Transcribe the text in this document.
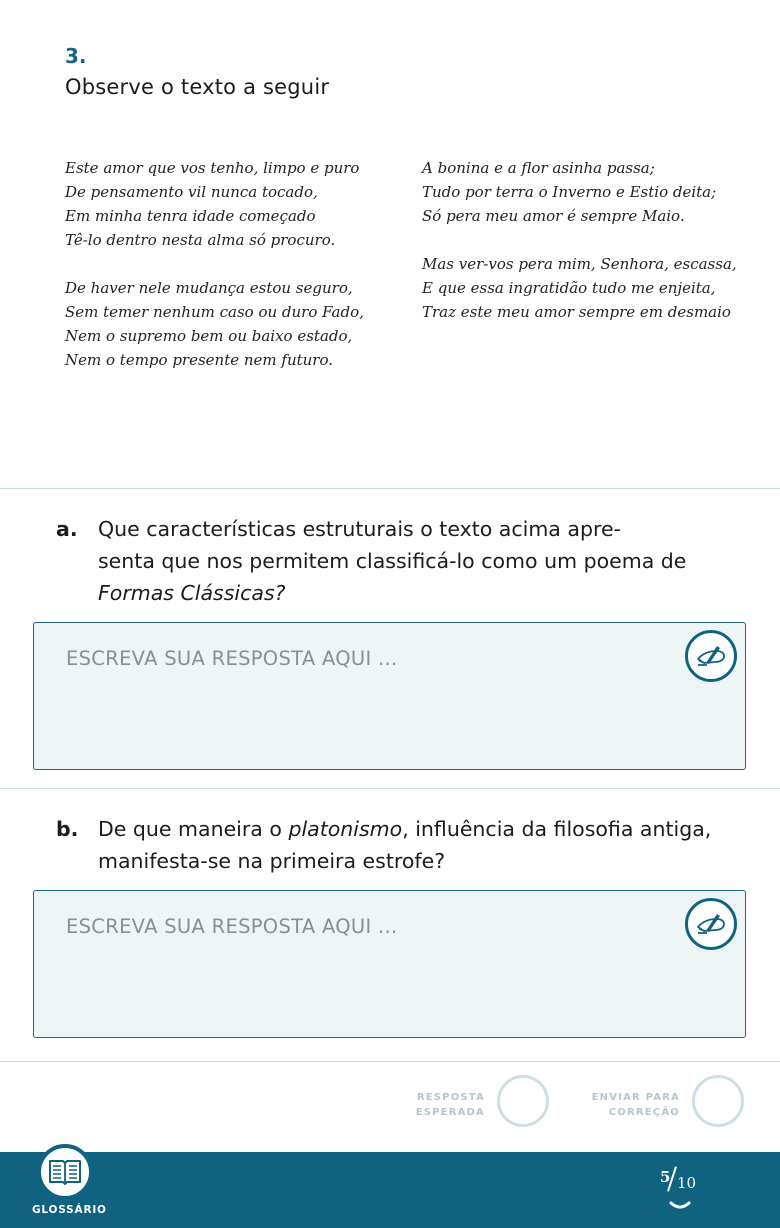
3.
Observe o texto a seguir
Este amor que vos tenho, limpo e puro
De pensamento vil nunca tocado,
Em minha tenra idade começado
Tê-lo dentro nesta alma só procuro.
De haver nele mudança estou seguro,
Sem temer nenhum caso ou duro Fado,
Nem o supremo bem ou baixo estado,
Nem o tempo presente nem futuro.
A bonina e a flor asinha passa;
Tudo por terra o Inverno e Estio deita;
Só pera meu amor é sempre Maio.
Mas ver-vos pera mim, Senhora, escassa,
E que essa ingratidão tudo me enjeita,
Traz este meu amor sempre em desmaio
a. Que características estruturais o texto acima apre-
senta que nos permitem classificá-lo como um poema de
Formas Clássicas?
ESCREVA SUA RESPOSTA AQUI ...
b. De que maneira o platonismo, influência da filosofia antiga,
manifesta-se na primeira estrofe?
ESCREVA SUA RESPOSTA AQUI ...
RESPOSTA
ESPERADA
ENVIAR PARA
CORREÇÃO
GLOSSÁRIO
5 10
